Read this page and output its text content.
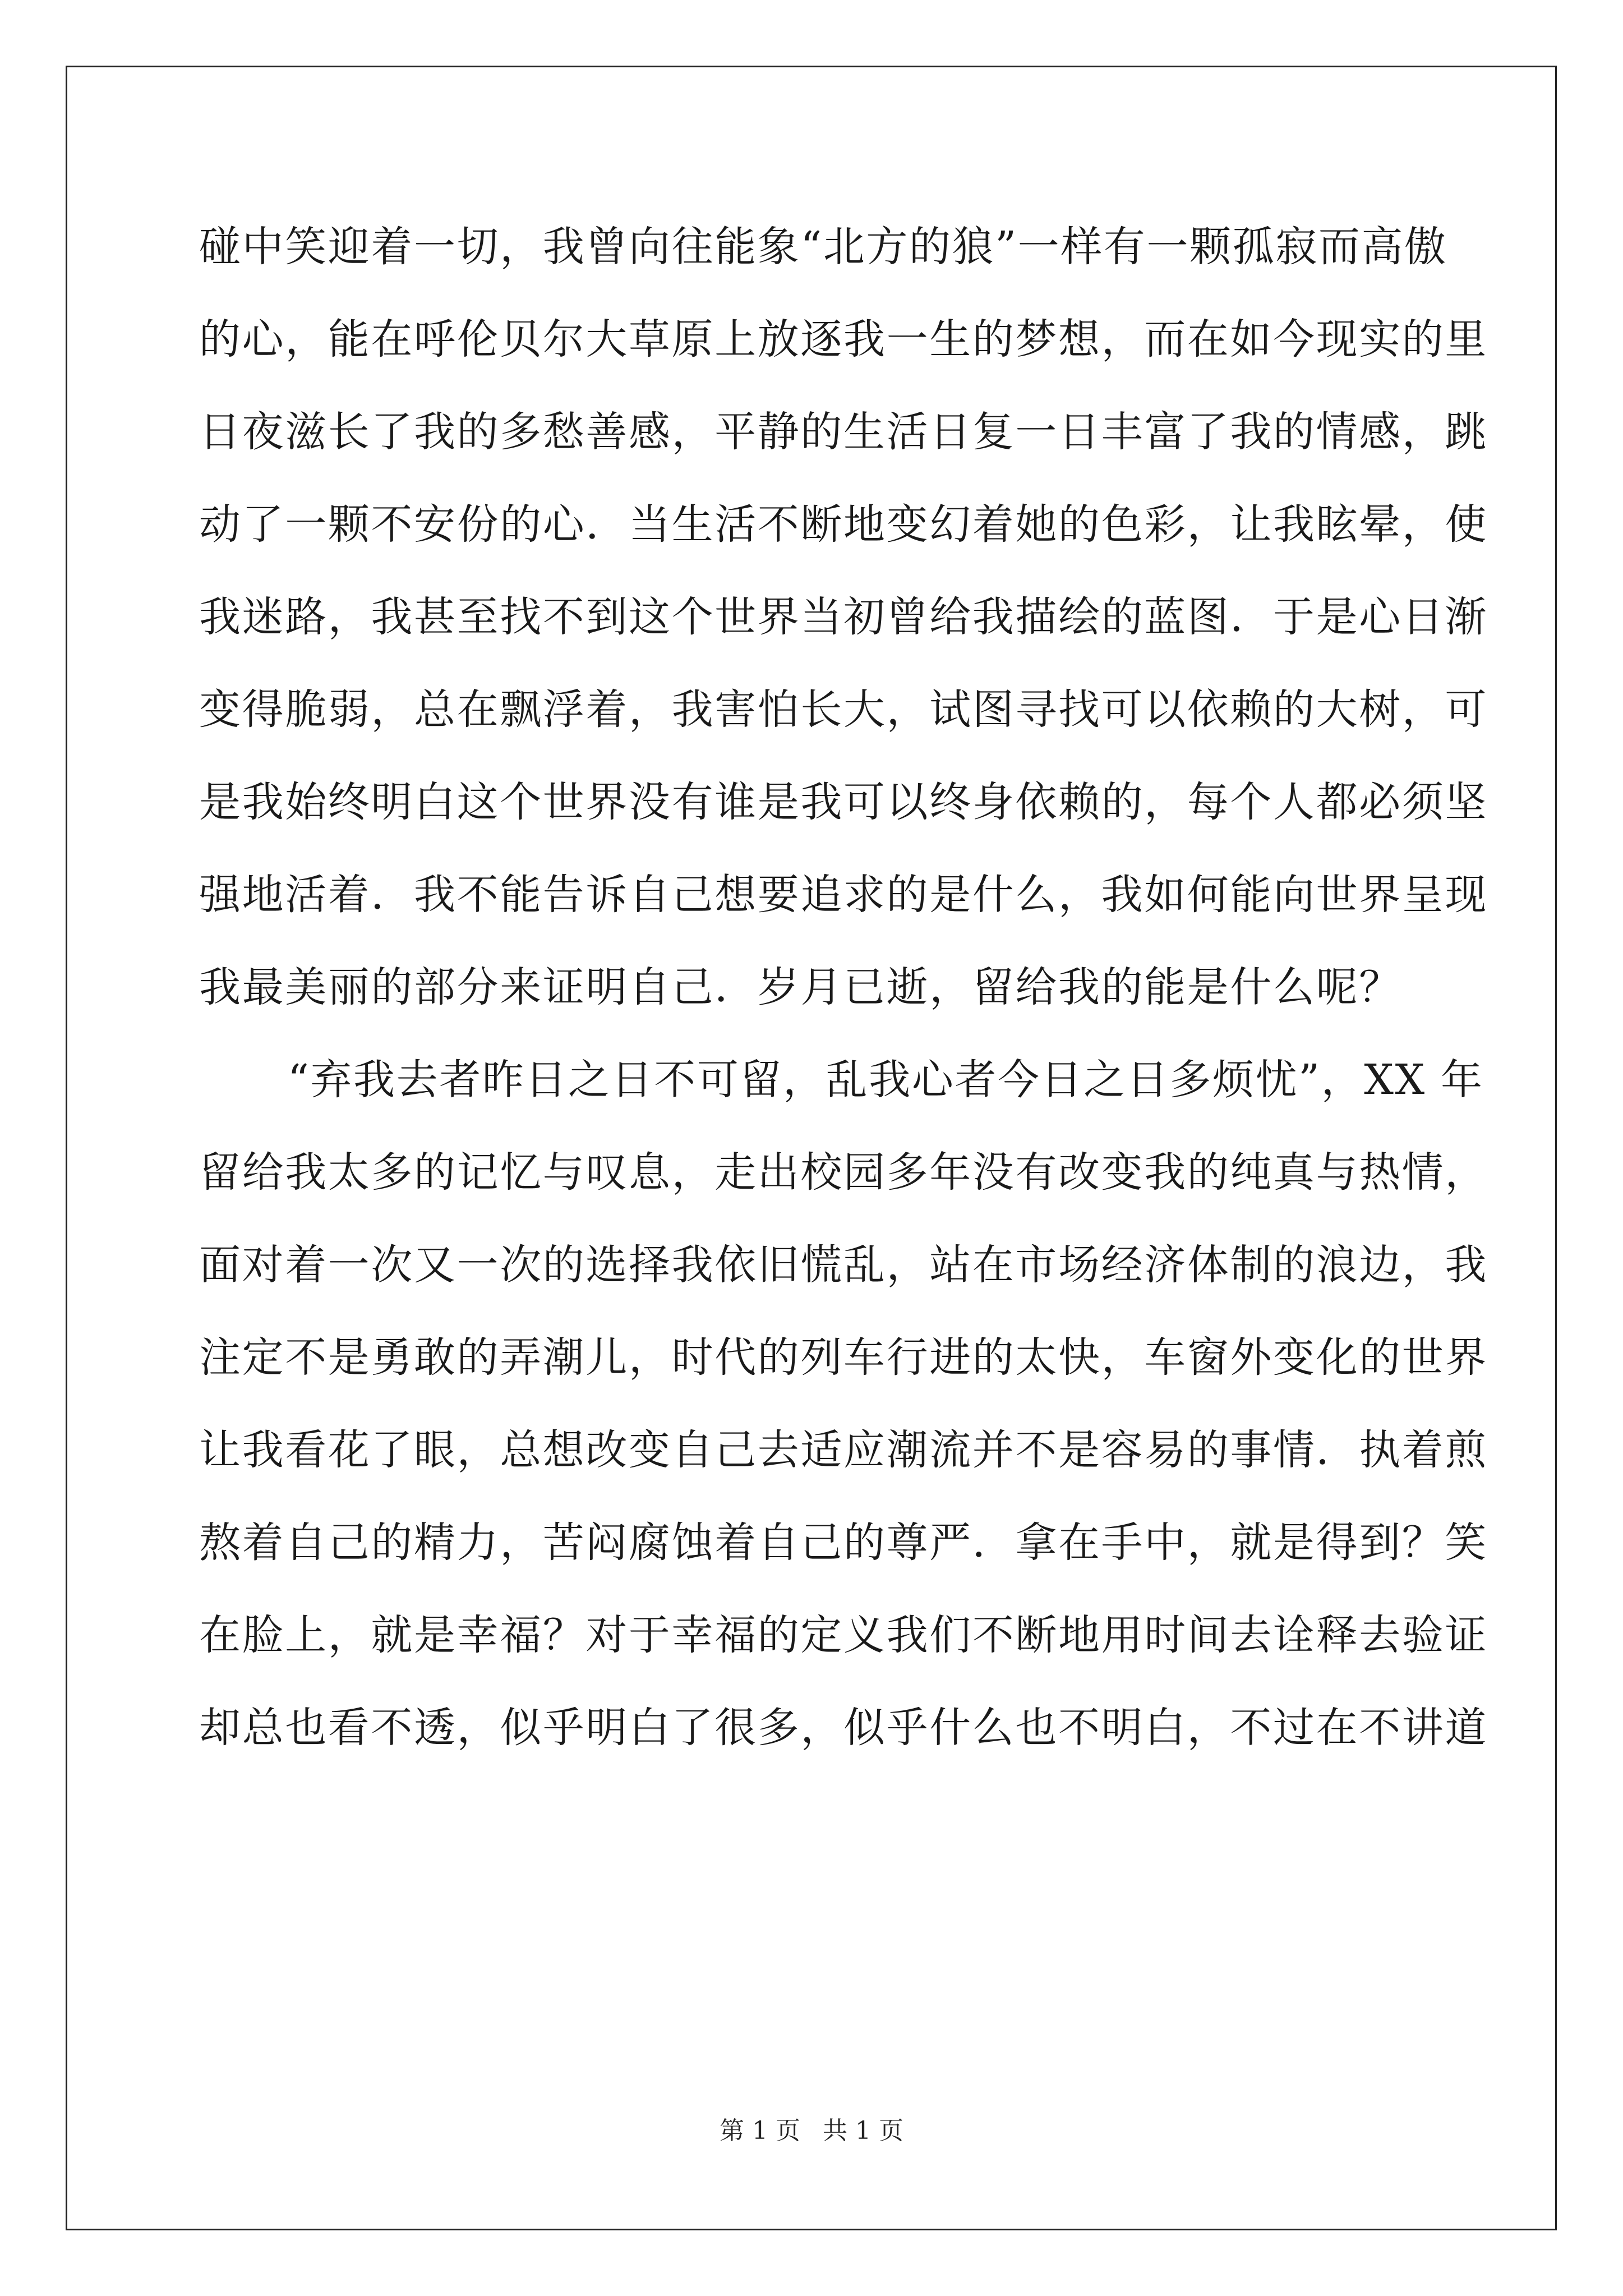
碰中笑迎着一切，我曾向往能象“北方的狼”一样有一颗孤寂而高傲
的心，能在呼伦贝尔大草原上放逐我一生的梦想，而在如今现实的里
日夜滋长了我的多愁善感，平静的生活日复一日丰富了我的情感，跳
动了一颗不安份的心．当生活不断地变幻着她的色彩，让我眩晕，使
我迷路，我甚至找不到这个世界当初曾给我描绘的蓝图．于是心日渐
变得脆弱，总在飘浮着，我害怕长大，试图寻找可以依赖的大树，可
是我始终明白这个世界没有谁是我可以终身依赖的，每个人都必须坚
强地活着．我不能告诉自己想要追求的是什么，我如何能向世界呈现
我最美丽的部分来证明自己．岁月已逝，留给我的能是什么呢？
“弃我去者昨日之日不可留，乱我心者今日之日多烦忧”，XX 年
留给我太多的记忆与叹息，走出校园多年没有改变我的纯真与热情，
面对着一次又一次的选择我依旧慌乱，站在市场经济体制的浪边，我
注定不是勇敢的弄潮儿，时代的列车行进的太快，车窗外变化的世界
让我看花了眼，总想改变自己去适应潮流并不是容易的事情．执着煎
熬着自己的精力，苦闷腐蚀着自己的尊严．拿在手中，就是得到？笑
在脸上，就是幸福？对于幸福的定义我们不断地用时间去诠释去验证
却总也看不透，似乎明白了很多，似乎什么也不明白，不过在不讲道
第 1 页 共 1 页
